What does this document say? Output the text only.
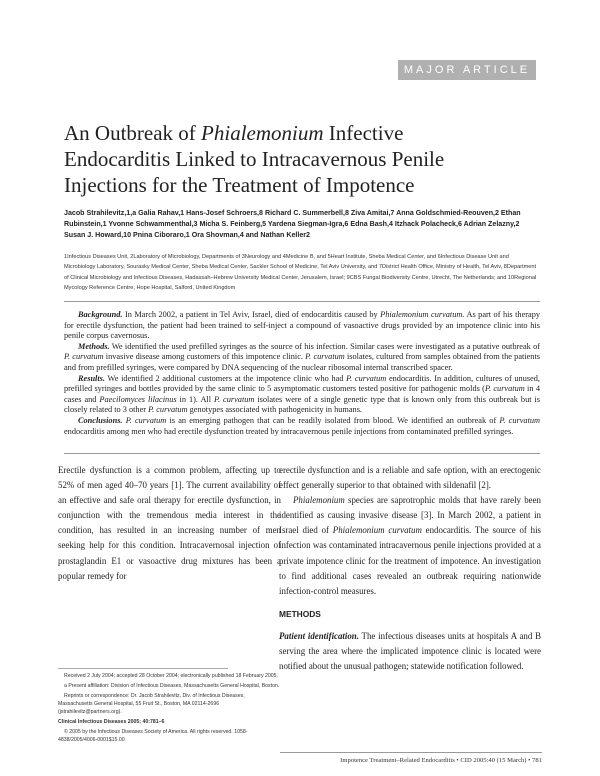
MAJOR ARTICLE
An Outbreak of Phialemonium Infective Endocarditis Linked to Intracavernous Penile Injections for the Treatment of Impotence
Jacob Strahilevitz,1,a Galia Rahav,1 Hans-Josef Schroers,8 Richard C. Summerbell,8 Ziva Amitai,7 Anna Goldschmied-Reouven,2 Ethan Rubinstein,1 Yvonne Schwammenthal,3 Micha S. Feinberg,5 Yardena Siegman-Igra,6 Edna Bash,4 Itzhack Polacheck,6 Adrian Zelazny,2 Susan J. Howard,10 Pnina Ciboraro,1 Ora Shovman,4 and Nathan Keller2
1Infectious Diseases Unit, 2Laboratory of Microbiology, Departments of 3Neurology and 4Medicine B, and 5Heart Institute, Sheba Medical Center, and 6Infectious Disease Unit and Microbiology Laboratory, Sourasky Medical Center, Sheba Medical Center, Sackler School of Medicine, Tel Aviv University, and 7District Health Office, Ministry of Health, Tel Aviv, 8Department of Clinical Microbiology and Infectious Diseases, Hadassah–Hebrew University Medical Center, Jerusalem, Israel; 9CBS Fungal Biodiversity Centre, Utrecht, The Netherlands; and 10Regional Mycology Reference Centre, Hope Hospital, Salford, United Kingdom

Background. In March 2002, a patient in Tel Aviv, Israel, died of endocarditis caused by Phialemonium curvatum. As part of his therapy for erectile dysfunction, the patient had been trained to self-inject a compound of vasoactive drugs provided by an impotence clinic into his penile corpus cavernosus.

Methods. We identified the used prefilled syringes as the source of his infection. Similar cases were investigated as a putative outbreak of P. curvatum invasive disease among customers of this impotence clinic. P. curvatum isolates, cultured from samples obtained from the patients and from prefilled syringes, were compared by DNA sequencing of the nuclear ribosomal internal transcribed spacer.

Results. We identified 2 additional customers at the impotence clinic who had P. curvatum endocarditis. In addition, cultures of unused, prefilled syringes and bottles provided by the same clinic to 5 asymptomatic customers tested positive for pathogenic molds (P. curvatum in 4 cases and Paecilomyces lilacinus in 1). All P. curvatum isolates were of a single genetic type that is known only from this outbreak but is closely related to 3 other P. curvatum genotypes associated with pathogenicity in humans.

Conclusions. P. curvatum is an emerging pathogen that can be readily isolated from blood. We identified an outbreak of P. curvatum endocarditis among men who had erectile dysfunction treated by intracavernous penile injections from contaminated prefilled syringes.

Erectile dysfunction is a common problem, affecting up to 52% of men aged 40–70 years [1]. The current availability of an effective and safe oral therapy for erectile dysfunction, in conjunction with the tremendous media interest in the condition, has resulted in an increasing number of men seeking help for this condition. Intracavernosal injection of prostaglandin E1 or vasoactive drug mixtures has been a popular remedy for

erectile dysfunction and is a reliable and safe option, with an erectogenic effect generally superior to that obtained with sildenafil [2].

Phialemonium species are saprotrophic molds that have rarely been identified as causing invasive disease [3]. In March 2002, a patient in Israel died of Phialemonium curvatum endocarditis. The source of his infection was contaminated intracavernous penile injections provided at a private impotence clinic for the treatment of impotence. An investigation to find additional cases revealed an outbreak requiring nationwide infection-control measures.

METHODS

Patient identification. The infectious diseases units at hospitals A and B serving the area where the implicated impotence clinic is located were notified about the unusual pathogen; statewide notification followed.

Received 2 July 2004; accepted 28 October 2004; electronically published 18 February 2005.

a Present affiliation: Division of Infectious Diseases, Massachusetts General Hospital, Boston.

Reprints or correspondence: Dr. Jacob Strahilevitz, Div. of Infectious Diseases, Massachusetts General Hospital, 55 Fruit St., Boston, MA 02114-2696 (jstrahilevitz@partners.org).

Clinical Infectious Diseases 2005; 40:781–6

© 2005 by the Infectious Diseases Society of America. All rights reserved. 1058-4838/2005/4006-0001$15.00

Impotence Treatment–Related Endocarditis • CID 2005:40 (15 March) • 781
